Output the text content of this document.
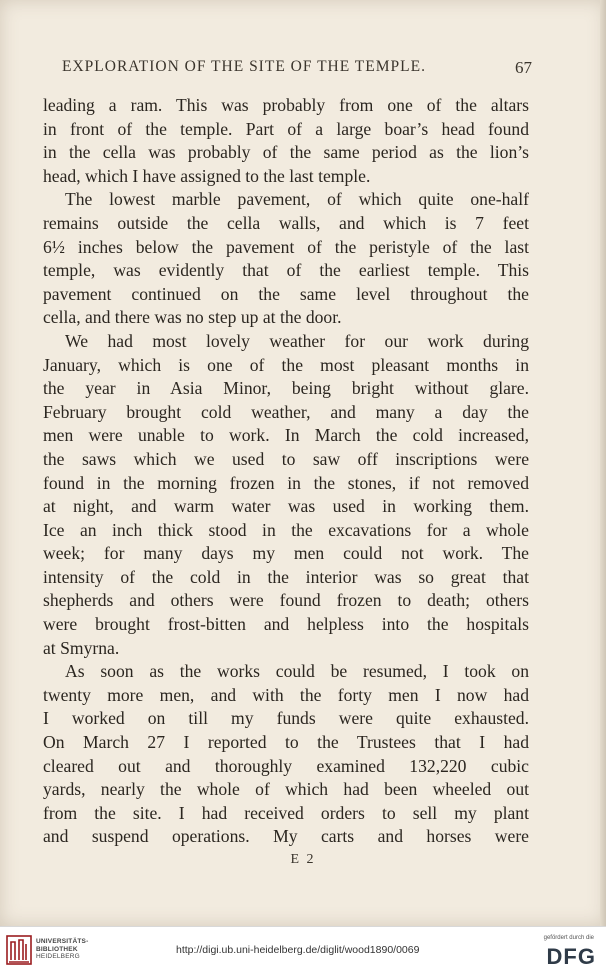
EXPLORATION OF THE SITE OF THE TEMPLE.	67
leading a ram. This was probably from one of the altars
in front of the temple. Part of a large boar’s head found
in the cella was probably of the same period as the lion’s
head, which I have assigned to the last temple.
The lowest marble pavement, of which quite one-half
remains outside the cella walls, and which is 7 feet
6½ inches below the pavement of the peristyle of the last
temple, was evidently that of the earliest temple. This
pavement continued on the same level throughout the
cella, and there was no step up at the door.
We had most lovely weather for our work during
January, which is one of the most pleasant months in
the year in Asia Minor, being bright without glare.
February brought cold weather, and many a day the
men were unable to work. In March the cold increased,
the saws which we used to saw off inscriptions were
found in the morning frozen in the stones, if not removed
at night, and warm water was used in working them.
Ice an inch thick stood in the excavations for a whole
week; for many days my men could not work. The
intensity of the cold in the interior was so great that
shepherds and others were found frozen to death; others
were brought frost-bitten and helpless into the hospitals
at Smyrna.
As soon as the works could be resumed, I took on
twenty more men, and with the forty men I now had
I worked on till my funds were quite exhausted.
On March 27 I reported to the Trustees that I had
cleared out and thoroughly examined 132,220 cubic
yards, nearly the whole of which had been wheeled out
from the site. I had received orders to sell my plant
and suspend operations. My carts and horses were
E 2
UNIVERSITÄTS-
BIBLIOTHEK
HEIDELBERG
http://digi.ub.uni-heidelberg.de/diglit/wood1890/0069
gefördert durch die
DFG
